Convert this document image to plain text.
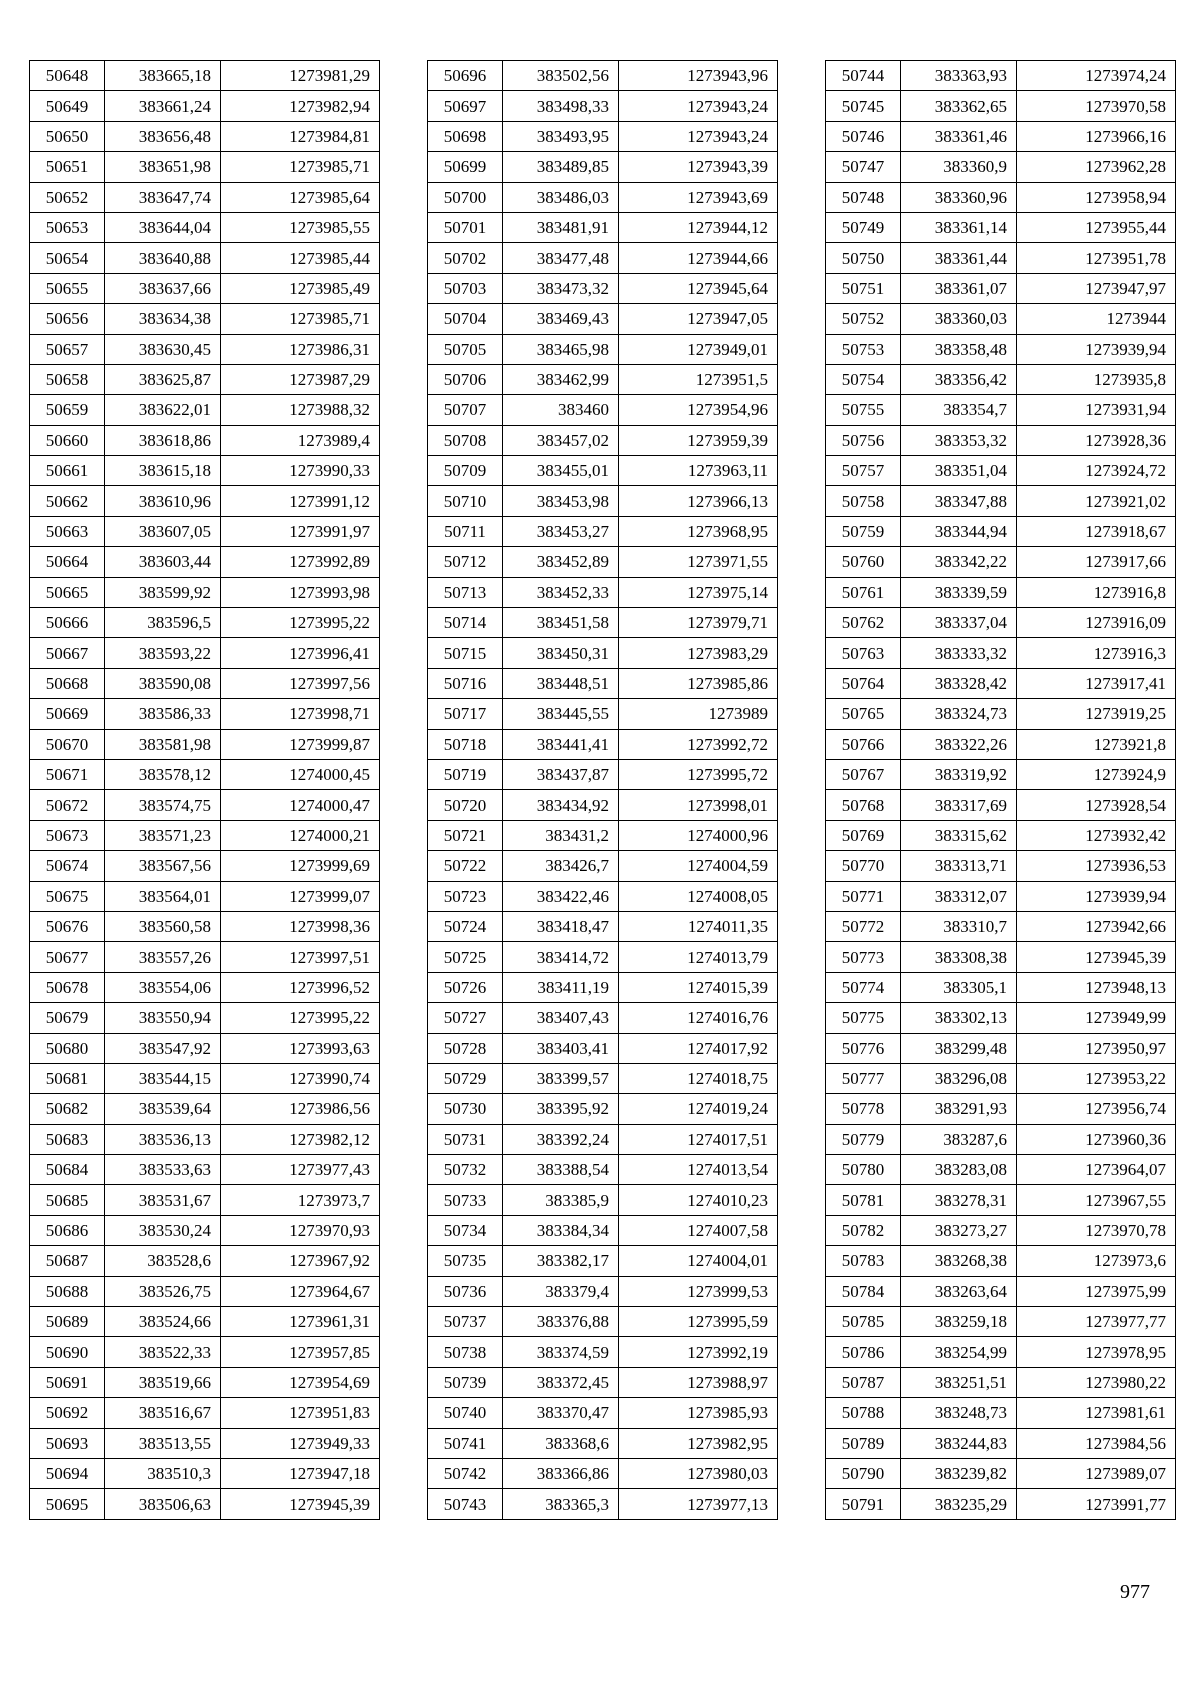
50648	383665,18	1273981,29
50649	383661,24	1273982,94
50650	383656,48	1273984,81
50651	383651,98	1273985,71
50652	383647,74	1273985,64
50653	383644,04	1273985,55
50654	383640,88	1273985,44
50655	383637,66	1273985,49
50656	383634,38	1273985,71
50657	383630,45	1273986,31
50658	383625,87	1273987,29
50659	383622,01	1273988,32
50660	383618,86	1273989,4
50661	383615,18	1273990,33
50662	383610,96	1273991,12
50663	383607,05	1273991,97
50664	383603,44	1273992,89
50665	383599,92	1273993,98
50666	383596,5	1273995,22
50667	383593,22	1273996,41
50668	383590,08	1273997,56
50669	383586,33	1273998,71
50670	383581,98	1273999,87
50671	383578,12	1274000,45
50672	383574,75	1274000,47
50673	383571,23	1274000,21
50674	383567,56	1273999,69
50675	383564,01	1273999,07
50676	383560,58	1273998,36
50677	383557,26	1273997,51
50678	383554,06	1273996,52
50679	383550,94	1273995,22
50680	383547,92	1273993,63
50681	383544,15	1273990,74
50682	383539,64	1273986,56
50683	383536,13	1273982,12
50684	383533,63	1273977,43
50685	383531,67	1273973,7
50686	383530,24	1273970,93
50687	383528,6	1273967,92
50688	383526,75	1273964,67
50689	383524,66	1273961,31
50690	383522,33	1273957,85
50691	383519,66	1273954,69
50692	383516,67	1273951,83
50693	383513,55	1273949,33
50694	383510,3	1273947,18
50695	383506,63	1273945,39
50696	383502,56	1273943,96
50697	383498,33	1273943,24
50698	383493,95	1273943,24
50699	383489,85	1273943,39
50700	383486,03	1273943,69
50701	383481,91	1273944,12
50702	383477,48	1273944,66
50703	383473,32	1273945,64
50704	383469,43	1273947,05
50705	383465,98	1273949,01
50706	383462,99	1273951,5
50707	383460	1273954,96
50708	383457,02	1273959,39
50709	383455,01	1273963,11
50710	383453,98	1273966,13
50711	383453,27	1273968,95
50712	383452,89	1273971,55
50713	383452,33	1273975,14
50714	383451,58	1273979,71
50715	383450,31	1273983,29
50716	383448,51	1273985,86
50717	383445,55	1273989
50718	383441,41	1273992,72
50719	383437,87	1273995,72
50720	383434,92	1273998,01
50721	383431,2	1274000,96
50722	383426,7	1274004,59
50723	383422,46	1274008,05
50724	383418,47	1274011,35
50725	383414,72	1274013,79
50726	383411,19	1274015,39
50727	383407,43	1274016,76
50728	383403,41	1274017,92
50729	383399,57	1274018,75
50730	383395,92	1274019,24
50731	383392,24	1274017,51
50732	383388,54	1274013,54
50733	383385,9	1274010,23
50734	383384,34	1274007,58
50735	383382,17	1274004,01
50736	383379,4	1273999,53
50737	383376,88	1273995,59
50738	383374,59	1273992,19
50739	383372,45	1273988,97
50740	383370,47	1273985,93
50741	383368,6	1273982,95
50742	383366,86	1273980,03
50743	383365,3	1273977,13
50744	383363,93	1273974,24
50745	383362,65	1273970,58
50746	383361,46	1273966,16
50747	383360,9	1273962,28
50748	383360,96	1273958,94
50749	383361,14	1273955,44
50750	383361,44	1273951,78
50751	383361,07	1273947,97
50752	383360,03	1273944
50753	383358,48	1273939,94
50754	383356,42	1273935,8
50755	383354,7	1273931,94
50756	383353,32	1273928,36
50757	383351,04	1273924,72
50758	383347,88	1273921,02
50759	383344,94	1273918,67
50760	383342,22	1273917,66
50761	383339,59	1273916,8
50762	383337,04	1273916,09
50763	383333,32	1273916,3
50764	383328,42	1273917,41
50765	383324,73	1273919,25
50766	383322,26	1273921,8
50767	383319,92	1273924,9
50768	383317,69	1273928,54
50769	383315,62	1273932,42
50770	383313,71	1273936,53
50771	383312,07	1273939,94
50772	383310,7	1273942,66
50773	383308,38	1273945,39
50774	383305,1	1273948,13
50775	383302,13	1273949,99
50776	383299,48	1273950,97
50777	383296,08	1273953,22
50778	383291,93	1273956,74
50779	383287,6	1273960,36
50780	383283,08	1273964,07
50781	383278,31	1273967,55
50782	383273,27	1273970,78
50783	383268,38	1273973,6
50784	383263,64	1273975,99
50785	383259,18	1273977,77
50786	383254,99	1273978,95
50787	383251,51	1273980,22
50788	383248,73	1273981,61
50789	383244,83	1273984,56
50790	383239,82	1273989,07
50791	383235,29	1273991,77
977
